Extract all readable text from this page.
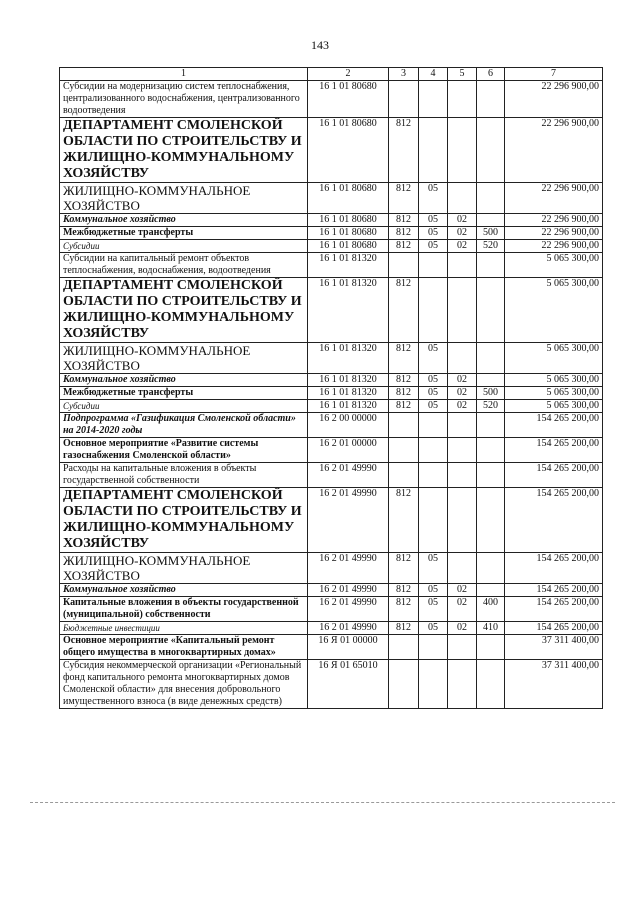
143
1	2	3	4	5	6	7
Субсидии на модернизацию систем теплоснабжения, централизованного водоснабжения, централизованного водоотведения	16 1 01 80680					22 296 900,00
ДЕПАРТАМЕНТ СМОЛЕНСКОЙ ОБЛАСТИ ПО СТРОИТЕЛЬСТВУ И ЖИЛИЩНО-КОММУНАЛЬНОМУ ХОЗЯЙСТВУ	16 1 01 80680	812				22 296 900,00
ЖИЛИЩНО-КОММУНАЛЬНОЕ ХОЗЯЙСТВО	16 1 01 80680	812	05			22 296 900,00
Коммунальное хозяйство	16 1 01 80680	812	05	02		22 296 900,00
Межбюджетные трансферты	16 1 01 80680	812	05	02	500	22 296 900,00
Субсидии	16 1 01 80680	812	05	02	520	22 296 900,00
Субсидии на капитальный ремонт объектов теплоснабжения, водоснабжения, водоотведения	16 1 01 81320					5 065 300,00
ДЕПАРТАМЕНТ СМОЛЕНСКОЙ ОБЛАСТИ ПО СТРОИТЕЛЬСТВУ И ЖИЛИЩНО-КОММУНАЛЬНОМУ ХОЗЯЙСТВУ	16 1 01 81320	812				5 065 300,00
ЖИЛИЩНО-КОММУНАЛЬНОЕ ХОЗЯЙСТВО	16 1 01 81320	812	05			5 065 300,00
Коммунальное хозяйство	16 1 01 81320	812	05	02		5 065 300,00
Межбюджетные трансферты	16 1 01 81320	812	05	02	500	5 065 300,00
Субсидии	16 1 01 81320	812	05	02	520	5 065 300,00
Подпрограмма «Газификация Смоленской области» на 2014-2020 годы	16 2 00 00000					154 265 200,00
Основное мероприятие «Развитие системы газоснабжения Смоленской области»	16 2 01 00000					154 265 200,00
Расходы на капитальные вложения в объекты государственной собственности	16 2 01 49990					154 265 200,00
ДЕПАРТАМЕНТ СМОЛЕНСКОЙ ОБЛАСТИ ПО СТРОИТЕЛЬСТВУ И ЖИЛИЩНО-КОММУНАЛЬНОМУ ХОЗЯЙСТВУ	16 2 01 49990	812				154 265 200,00
ЖИЛИЩНО-КОММУНАЛЬНОЕ ХОЗЯЙСТВО	16 2 01 49990	812	05			154 265 200,00
Коммунальное хозяйство	16 2 01 49990	812	05	02		154 265 200,00
Капитальные вложения в объекты государственной (муниципальной) собственности	16 2 01 49990	812	05	02	400	154 265 200,00
Бюджетные инвестиции	16 2 01 49990	812	05	02	410	154 265 200,00
Основное мероприятие «Капитальный ремонт общего имущества в многоквартирных домах»	16 Я 01 00000					37 311 400,00
Субсидия некоммерческой организации «Региональный фонд капитального ремонта многоквартирных домов Смоленской области» для внесения добровольного имущественного взноса (в виде денежных средств)	16 Я 01 65010					37 311 400,00
